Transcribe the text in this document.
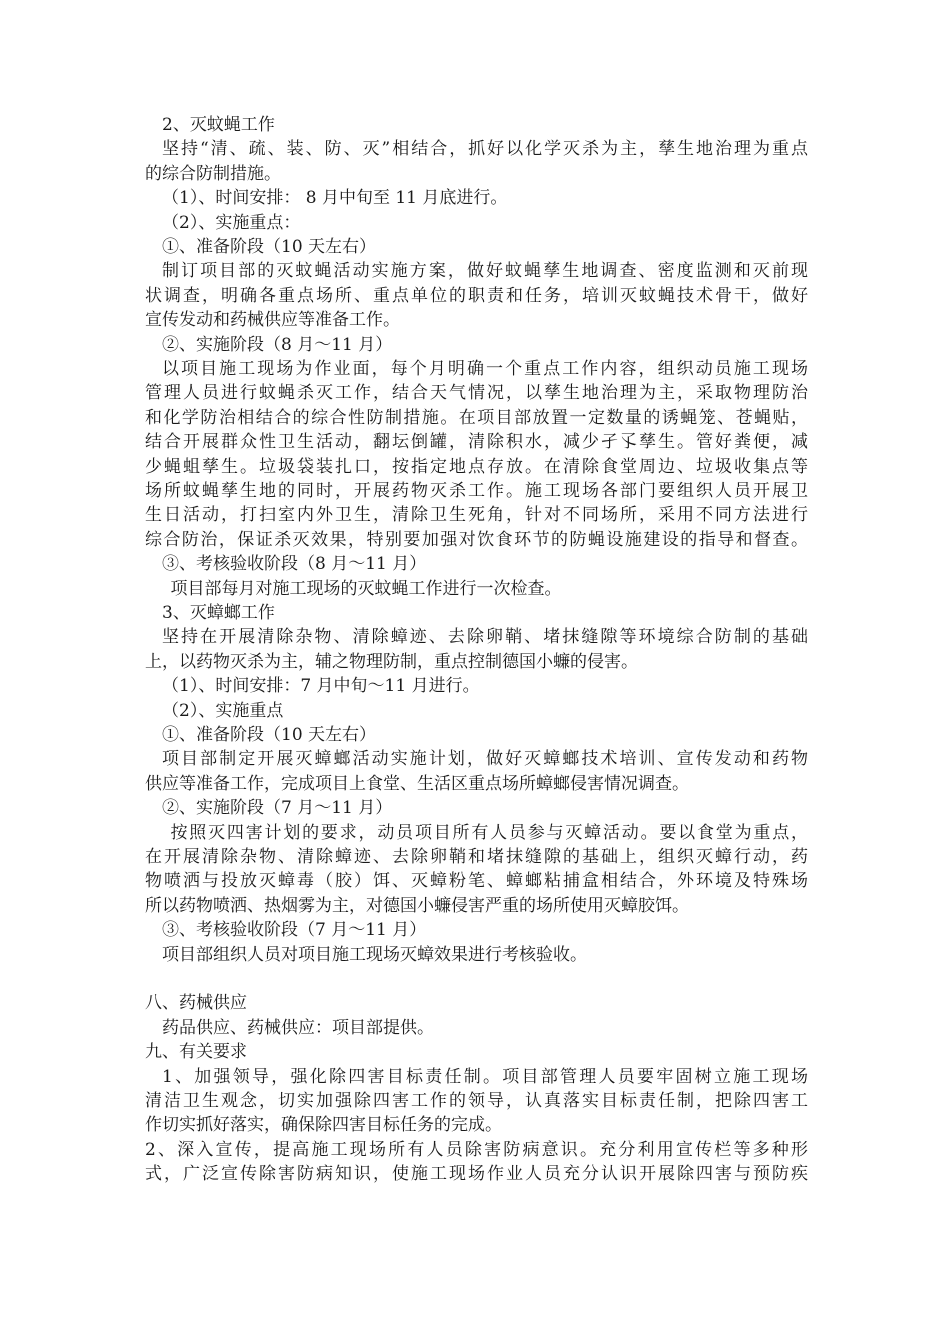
2、灭蚊蝇工作
坚持“清、疏、装、防、灭”相结合，抓好以化学灭杀为主，孳生地治理为重点
的综合防制措施。
（1）、时间安排： 8 月中旬至 11 月底进行。
（2）、实施重点：
①、准备阶段（10 天左右）
制订项目部的灭蚊蝇活动实施方案，做好蚊蝇孳生地调查、密度监测和灭前现
状调查，明确各重点场所、重点单位的职责和任务，培训灭蚊蝇技术骨干，做好
宣传发动和药械供应等准备工作。
②、实施阶段（8 月～11 月）
以项目施工现场为作业面，每个月明确一个重点工作内容，组织动员施工现场
管理人员进行蚊蝇杀灭工作，结合天气情况，以孳生地治理为主，采取物理防治
和化学防治相结合的综合性防制措施。在项目部放置一定数量的诱蝇笼、苍蝇贴，
结合开展群众性卫生活动，翻坛倒罐，清除积水，减少孑孓孳生。管好粪便，减
少蝇蛆孳生。垃圾袋装扎口，按指定地点存放。在清除食堂周边、垃圾收集点等
场所蚊蝇孳生地的同时，开展药物灭杀工作。施工现场各部门要组织人员开展卫
生日活动，打扫室内外卫生，清除卫生死角，针对不同场所，采用不同方法进行
综合防治，保证杀灭效果，特别要加强对饮食环节的防蝇设施建设的指导和督查。
③、考核验收阶段（8 月～11 月）
项目部每月对施工现场的灭蚊蝇工作进行一次检查。
3、灭蟑螂工作
坚持在开展清除杂物、清除蟑迹、去除卵鞘、堵抹缝隙等环境综合防制的基础
上，以药物灭杀为主，辅之物理防制，重点控制德国小蠊的侵害。
（1）、时间安排：7 月中旬～11 月进行。
（2）、实施重点
①、准备阶段（10 天左右）
项目部制定开展灭蟑螂活动实施计划，做好灭蟑螂技术培训、宣传发动和药物
供应等准备工作，完成项目上食堂、生活区重点场所蟑螂侵害情况调查。
②、实施阶段（7 月～11 月）
按照灭四害计划的要求，动员项目所有人员参与灭蟑活动。要以食堂为重点，
在开展清除杂物、清除蟑迹、去除卵鞘和堵抹缝隙的基础上，组织灭蟑行动，药
物喷洒与投放灭蟑毒（胶）饵、灭蟑粉笔、蟑螂粘捕盒相结合，外环境及特殊场
所以药物喷洒、热烟雾为主，对德国小蠊侵害严重的场所使用灭蟑胶饵。
③、考核验收阶段（7 月～11 月）
项目部组织人员对项目施工现场灭蟑效果进行考核验收。
八、药械供应
药品供应、药械供应：项目部提供。
九、有关要求
1、加强领导，强化除四害目标责任制。项目部管理人员要牢固树立施工现场
清洁卫生观念，切实加强除四害工作的领导，认真落实目标责任制，把除四害工
作切实抓好落实，确保除四害目标任务的完成。
2、深入宣传，提高施工现场所有人员除害防病意识。充分利用宣传栏等多种形
式，广泛宣传除害防病知识，使施工现场作业人员充分认识开展除四害与预防疾
